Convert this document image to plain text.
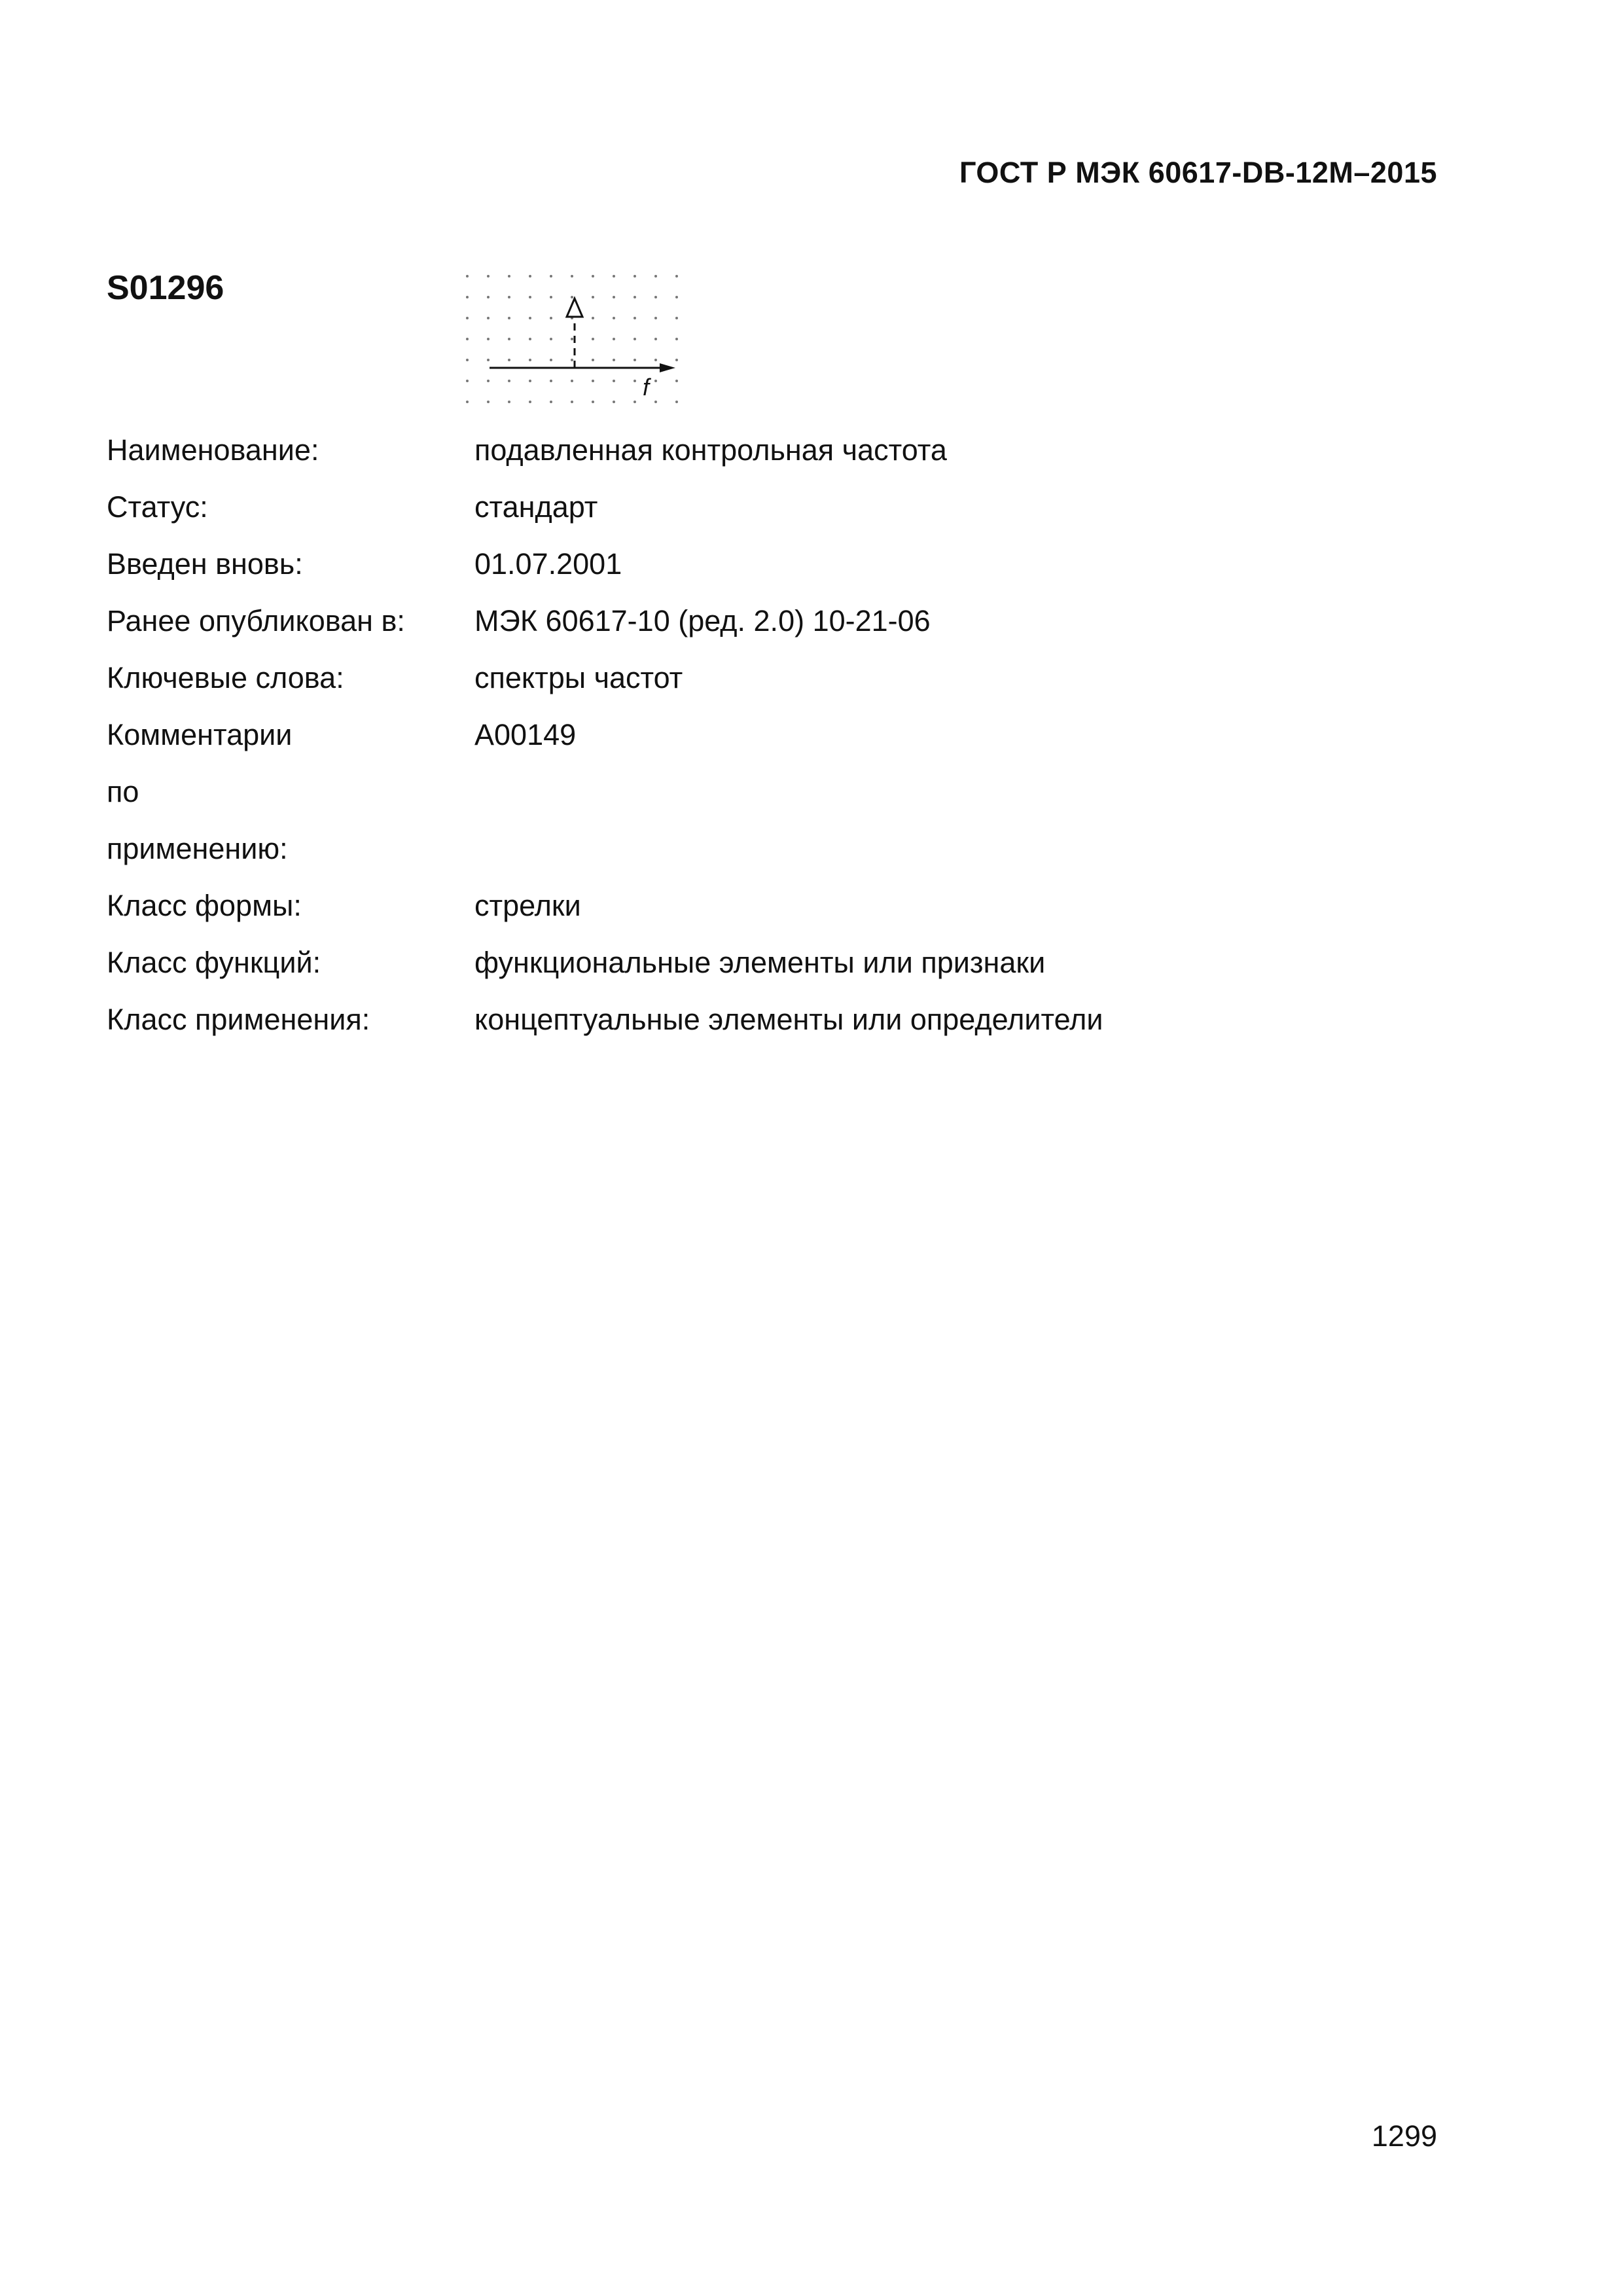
ГОСТ Р МЭК 60617-DB-12M–2015
S01296
f
Наименование:	подавленная контрольная частота
Статус:	стандарт
Введен вновь:	01.07.2001
Ранее опубликован в:	МЭК 60617-10 (ред. 2.0) 10-21-06
Ключевые слова:	спектры частот
Комментарии по применению:
A00149
Класс формы:	стрелки
Класс функций:	функциональные элементы или признаки
Класс применения:	концептуальные элементы или определители
1299
